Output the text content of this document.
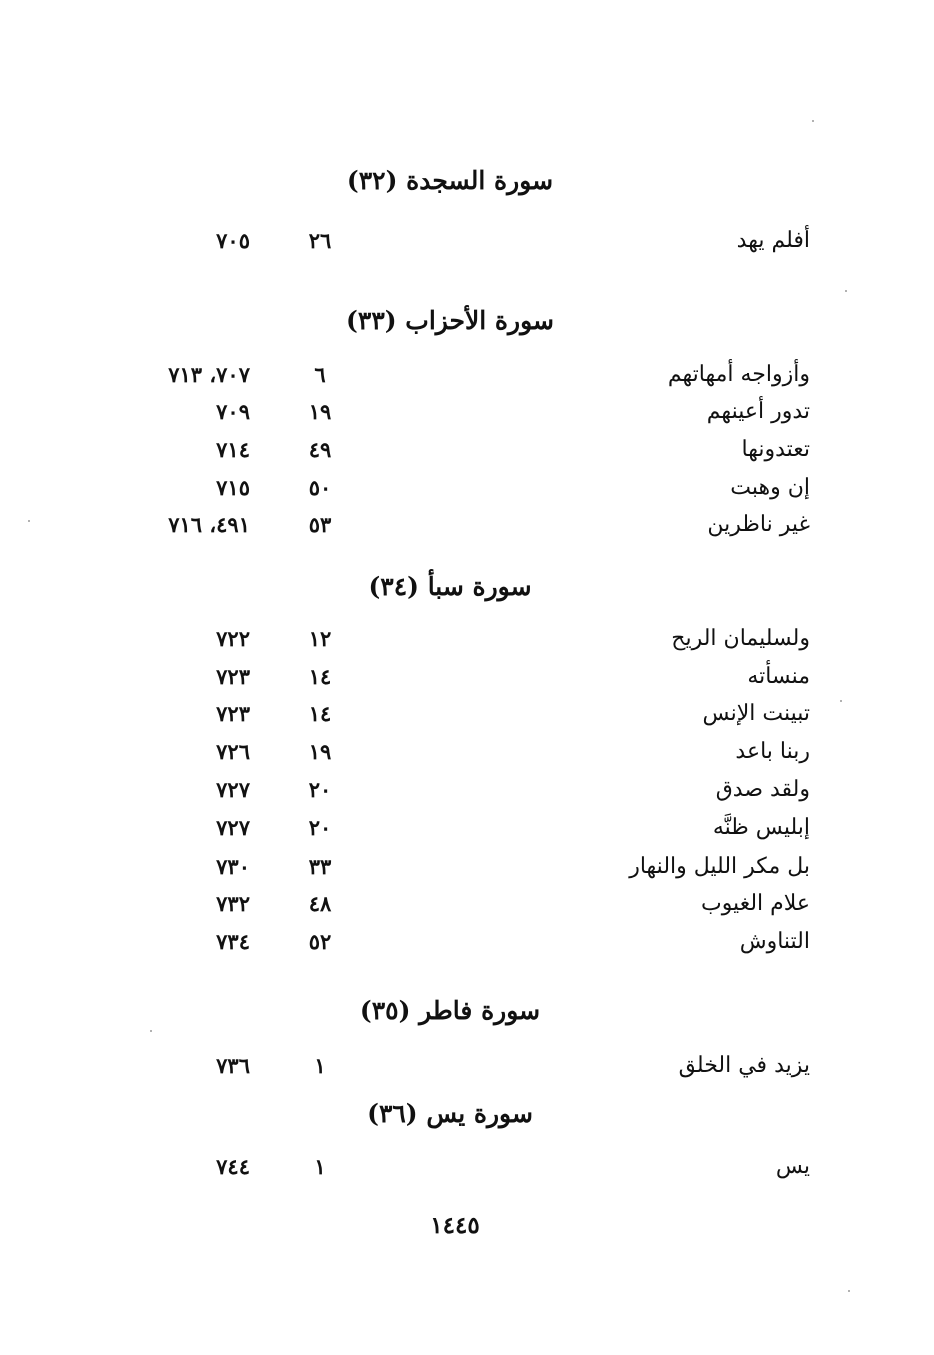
سورة السجدة (٣٢)
أفلم يهد
٢٦
٧٠٥
سورة الأحزاب (٣٣)
وأزواجه أمهاتهم
٦
٧٠٧، ٧١٣
تدور أعينهم
١٩
٧٠٩
تعتدونها
٤٩
٧١٤
إن وهبت
٥٠
٧١٥
غير ناظرين
٥٣
٤٩١، ٧١٦
سورة سبأ (٣٤)
ولسليمان الريح
١٢
٧٢٢
منسأته
١٤
٧٢٣
تبينت الإنس
١٤
٧٢٣
ربنا باعد
١٩
٧٢٦
ولقد صدق
٢٠
٧٢٧
إبليس ظنَّه
٢٠
٧٢٧
بل مكر الليل والنهار
٣٣
٧٣٠
علام الغيوب
٤٨
٧٣٢
التناوش
٥٢
٧٣٤
سورة فاطر (٣٥)
يزيد في الخلق
١
٧٣٦
سورة يس (٣٦)
يس
١
٧٤٤
١٤٤٥
